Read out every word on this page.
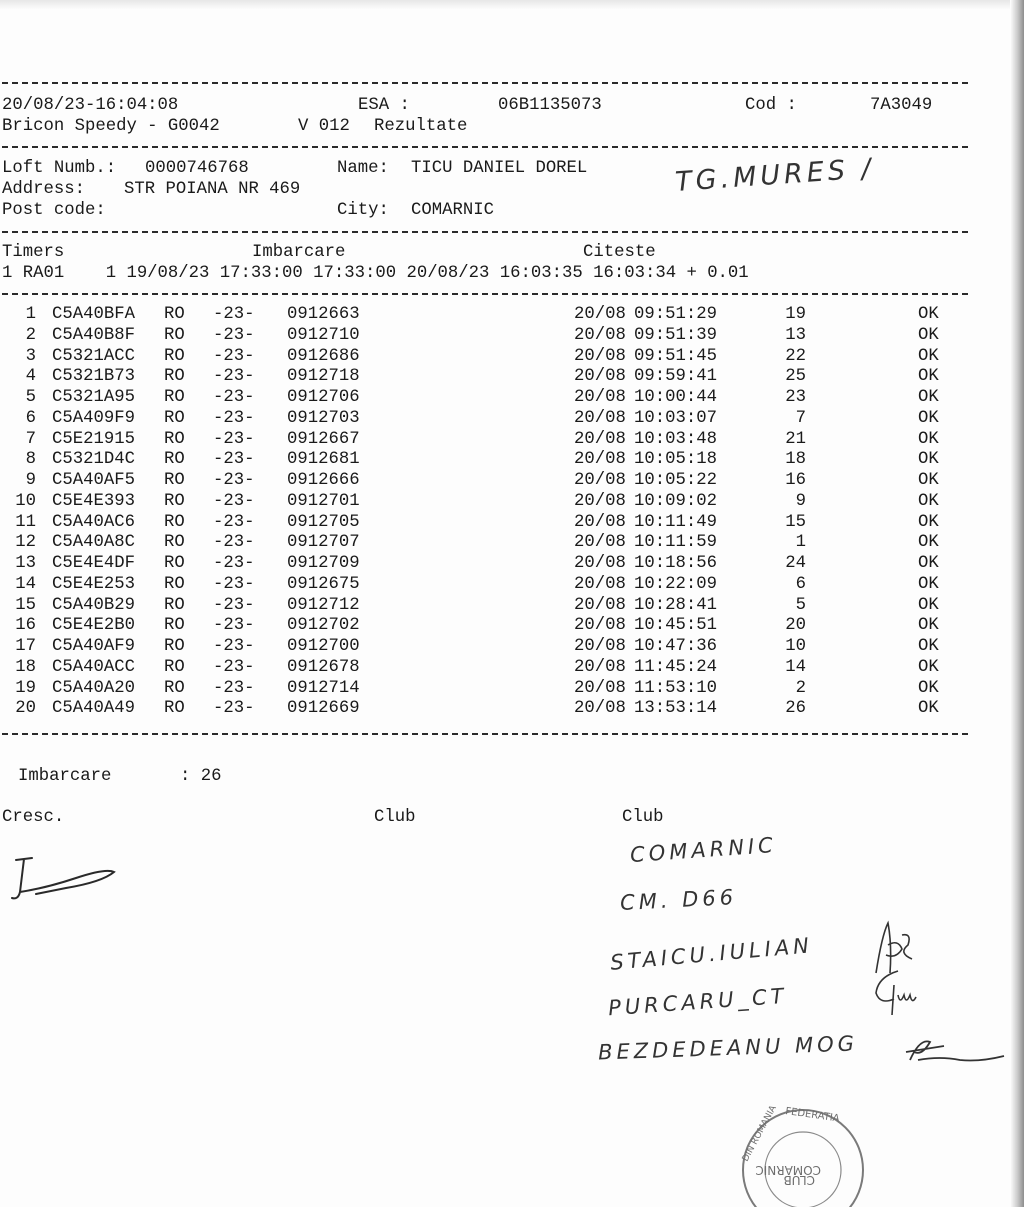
20/08/23-16:04:08	ESA :	06B1135073	Cod :	7A3049
Bricon Speedy - G0042	V 012 Rezultate
Loft Numb.: 0000746768	Name: TICU DANIEL DOREL
Address: STR POIANA NR 469
Post code:	City: COMARNIC
TG.MURES /
Timers	Imbarcare	Citeste
1 RA01    1 19/08/23 17:33:00 17:33:00 20/08/23 16:03:35 16:03:34 + 0.01
1 C5A40BFA RO -23- 0912663	20/08 09:51:29	19	OK
2 C5A40B8F RO -23- 0912710	20/08 09:51:39	13	OK
3 C5321ACC RO -23- 0912686	20/08 09:51:45	22	OK
4 C5321B73 RO -23- 0912718	20/08 09:59:41	25	OK
5 C5321A95 RO -23- 0912706	20/08 10:00:44	23	OK
6 C5A409F9 RO -23- 0912703	20/08 10:03:07	7	OK
7 C5E21915 RO -23- 0912667	20/08 10:03:48	21	OK
8 C5321D4C RO -23- 0912681	20/08 10:05:18	18	OK
9 C5A40AF5 RO -23- 0912666	20/08 10:05:22	16	OK
10 C5E4E393 RO -23- 0912701	20/08 10:09:02	9	OK
11 C5A40AC6 RO -23- 0912705	20/08 10:11:49	15	OK
12 C5A40A8C RO -23- 0912707	20/08 10:11:59	1	OK
13 C5E4E4DF RO -23- 0912709	20/08 10:18:56	24	OK
14 C5E4E253 RO -23- 0912675	20/08 10:22:09	6	OK
15 C5A40B29 RO -23- 0912712	20/08 10:28:41	5	OK
16 C5E4E2B0 RO -23- 0912702	20/08 10:45:51	20	OK
17 C5A40AF9 RO -23- 0912700	20/08 10:47:36	10	OK
18 C5A40ACC RO -23- 0912678	20/08 11:45:24	14	OK
19 C5A40A20 RO -23- 0912714	20/08 11:53:10	2	OK
20 C5A40A49 RO -23- 0912669	20/08 13:53:14	26	OK
Imbarcare	: 26
Cresc.	Club	Club
COMARNIC
CM. D66
STAICU.IULIAN
PURCARU_CT
BEZDEDEANU MOG
FEDERATIA
DIN ROMANIA
COMARNIC
CLUB
